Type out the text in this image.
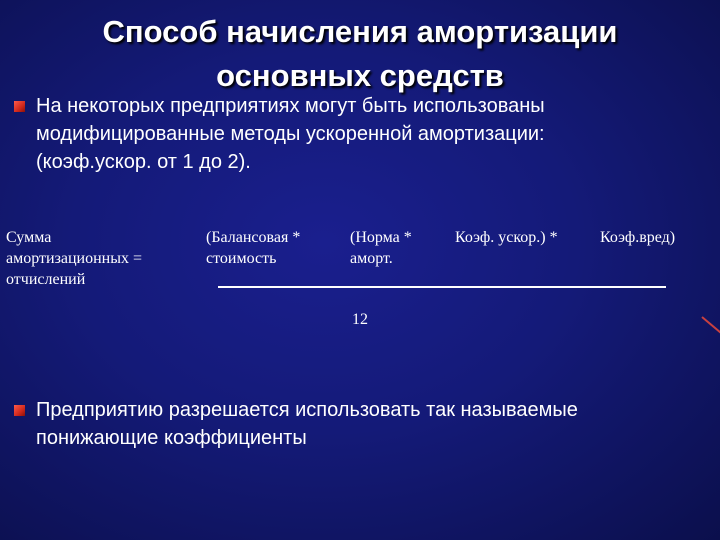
Способ начисления амортизации
основных средств
На некоторых предприятиях могут быть использованы
модифицированные методы ускоренной амортизации:
(коэф.ускор. от 1 до 2).
Сумма
амортизационных =
отчислений
(Балансовая *
стоимость
(Норма *
аморт.
Коэф. ускор.) *	Коэф.вред)
12
Предприятию разрешается использовать так называемые
понижающие коэффициенты
